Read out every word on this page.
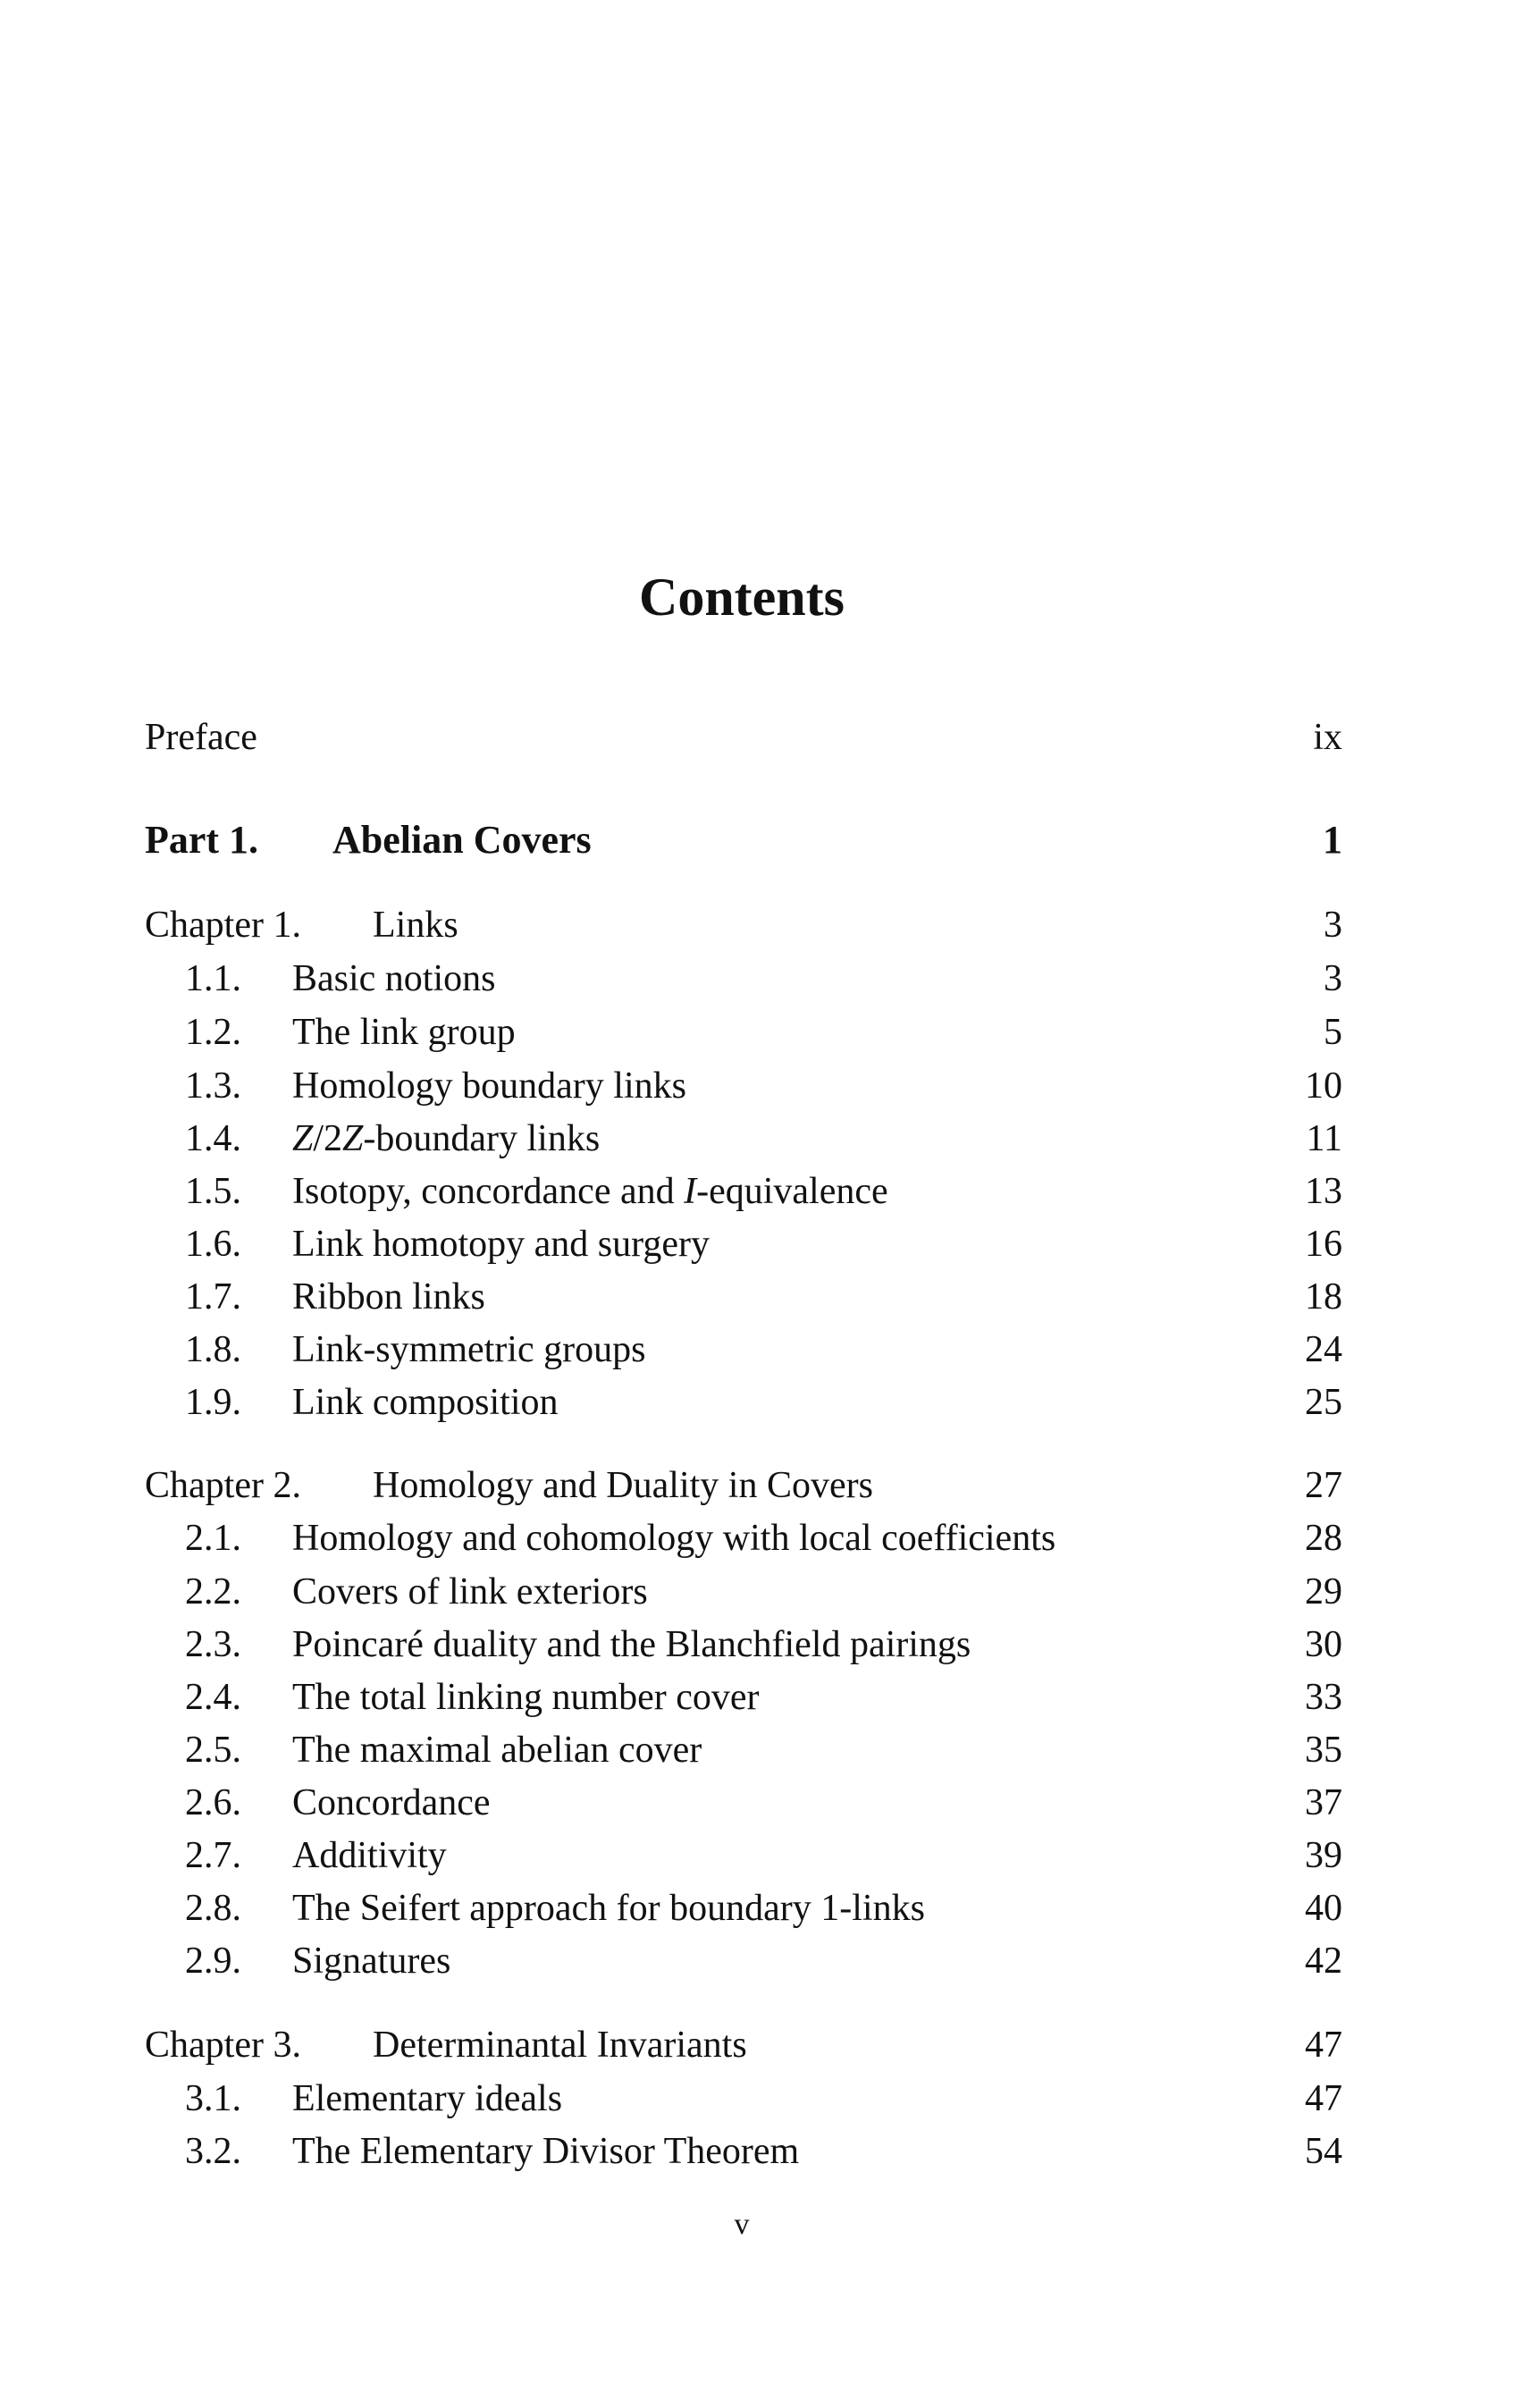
Contents
Preface	ix
Part 1. Abelian Covers	1
Chapter 1. Links	3
1.1.	Basic notions	3
1.2.	The link group	5
1.3.	Homology boundary links	10
1.4.	Z/2Z-boundary links	11
1.5.	Isotopy, concordance and I-equivalence	13
1.6.	Link homotopy and surgery	16
1.7.	Ribbon links	18
1.8.	Link-symmetric groups	24
1.9.	Link composition	25
Chapter 2. Homology and Duality in Covers	27
2.1.	Homology and cohomology with local coefficients	28
2.2.	Covers of link exteriors	29
2.3.	Poincaré duality and the Blanchfield pairings	30
2.4.	The total linking number cover	33
2.5.	The maximal abelian cover	35
2.6.	Concordance	37
2.7.	Additivity	39
2.8.	The Seifert approach for boundary 1-links	40
2.9.	Signatures	42
Chapter 3. Determinantal Invariants	47
3.1.	Elementary ideals	47
3.2.	The Elementary Divisor Theorem	54
v
